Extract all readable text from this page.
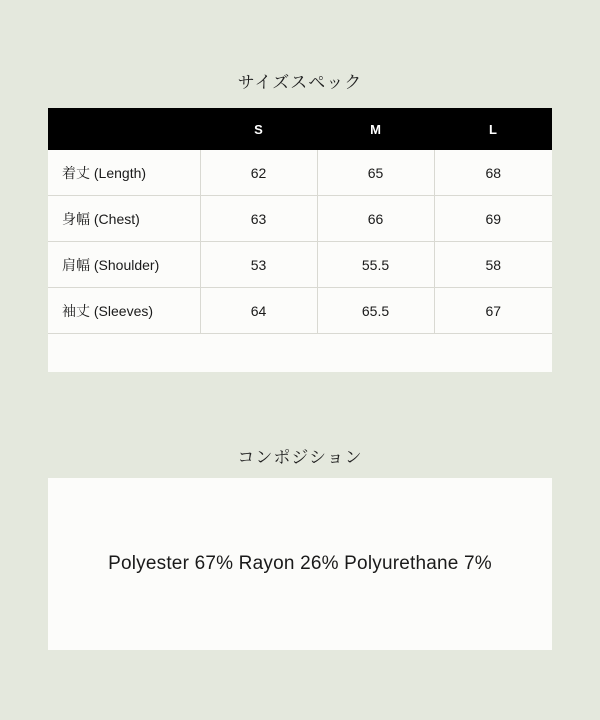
サイズスペック
	S	M	L
着丈 (Length)	62	65	68
身幅 (Chest)	63	66	69
肩幅 (Shoulder)	53	55.5	58
袖丈 (Sleeves)	64	65.5	67
コンポジション
Polyester 67% Rayon 26% Polyurethane 7%
